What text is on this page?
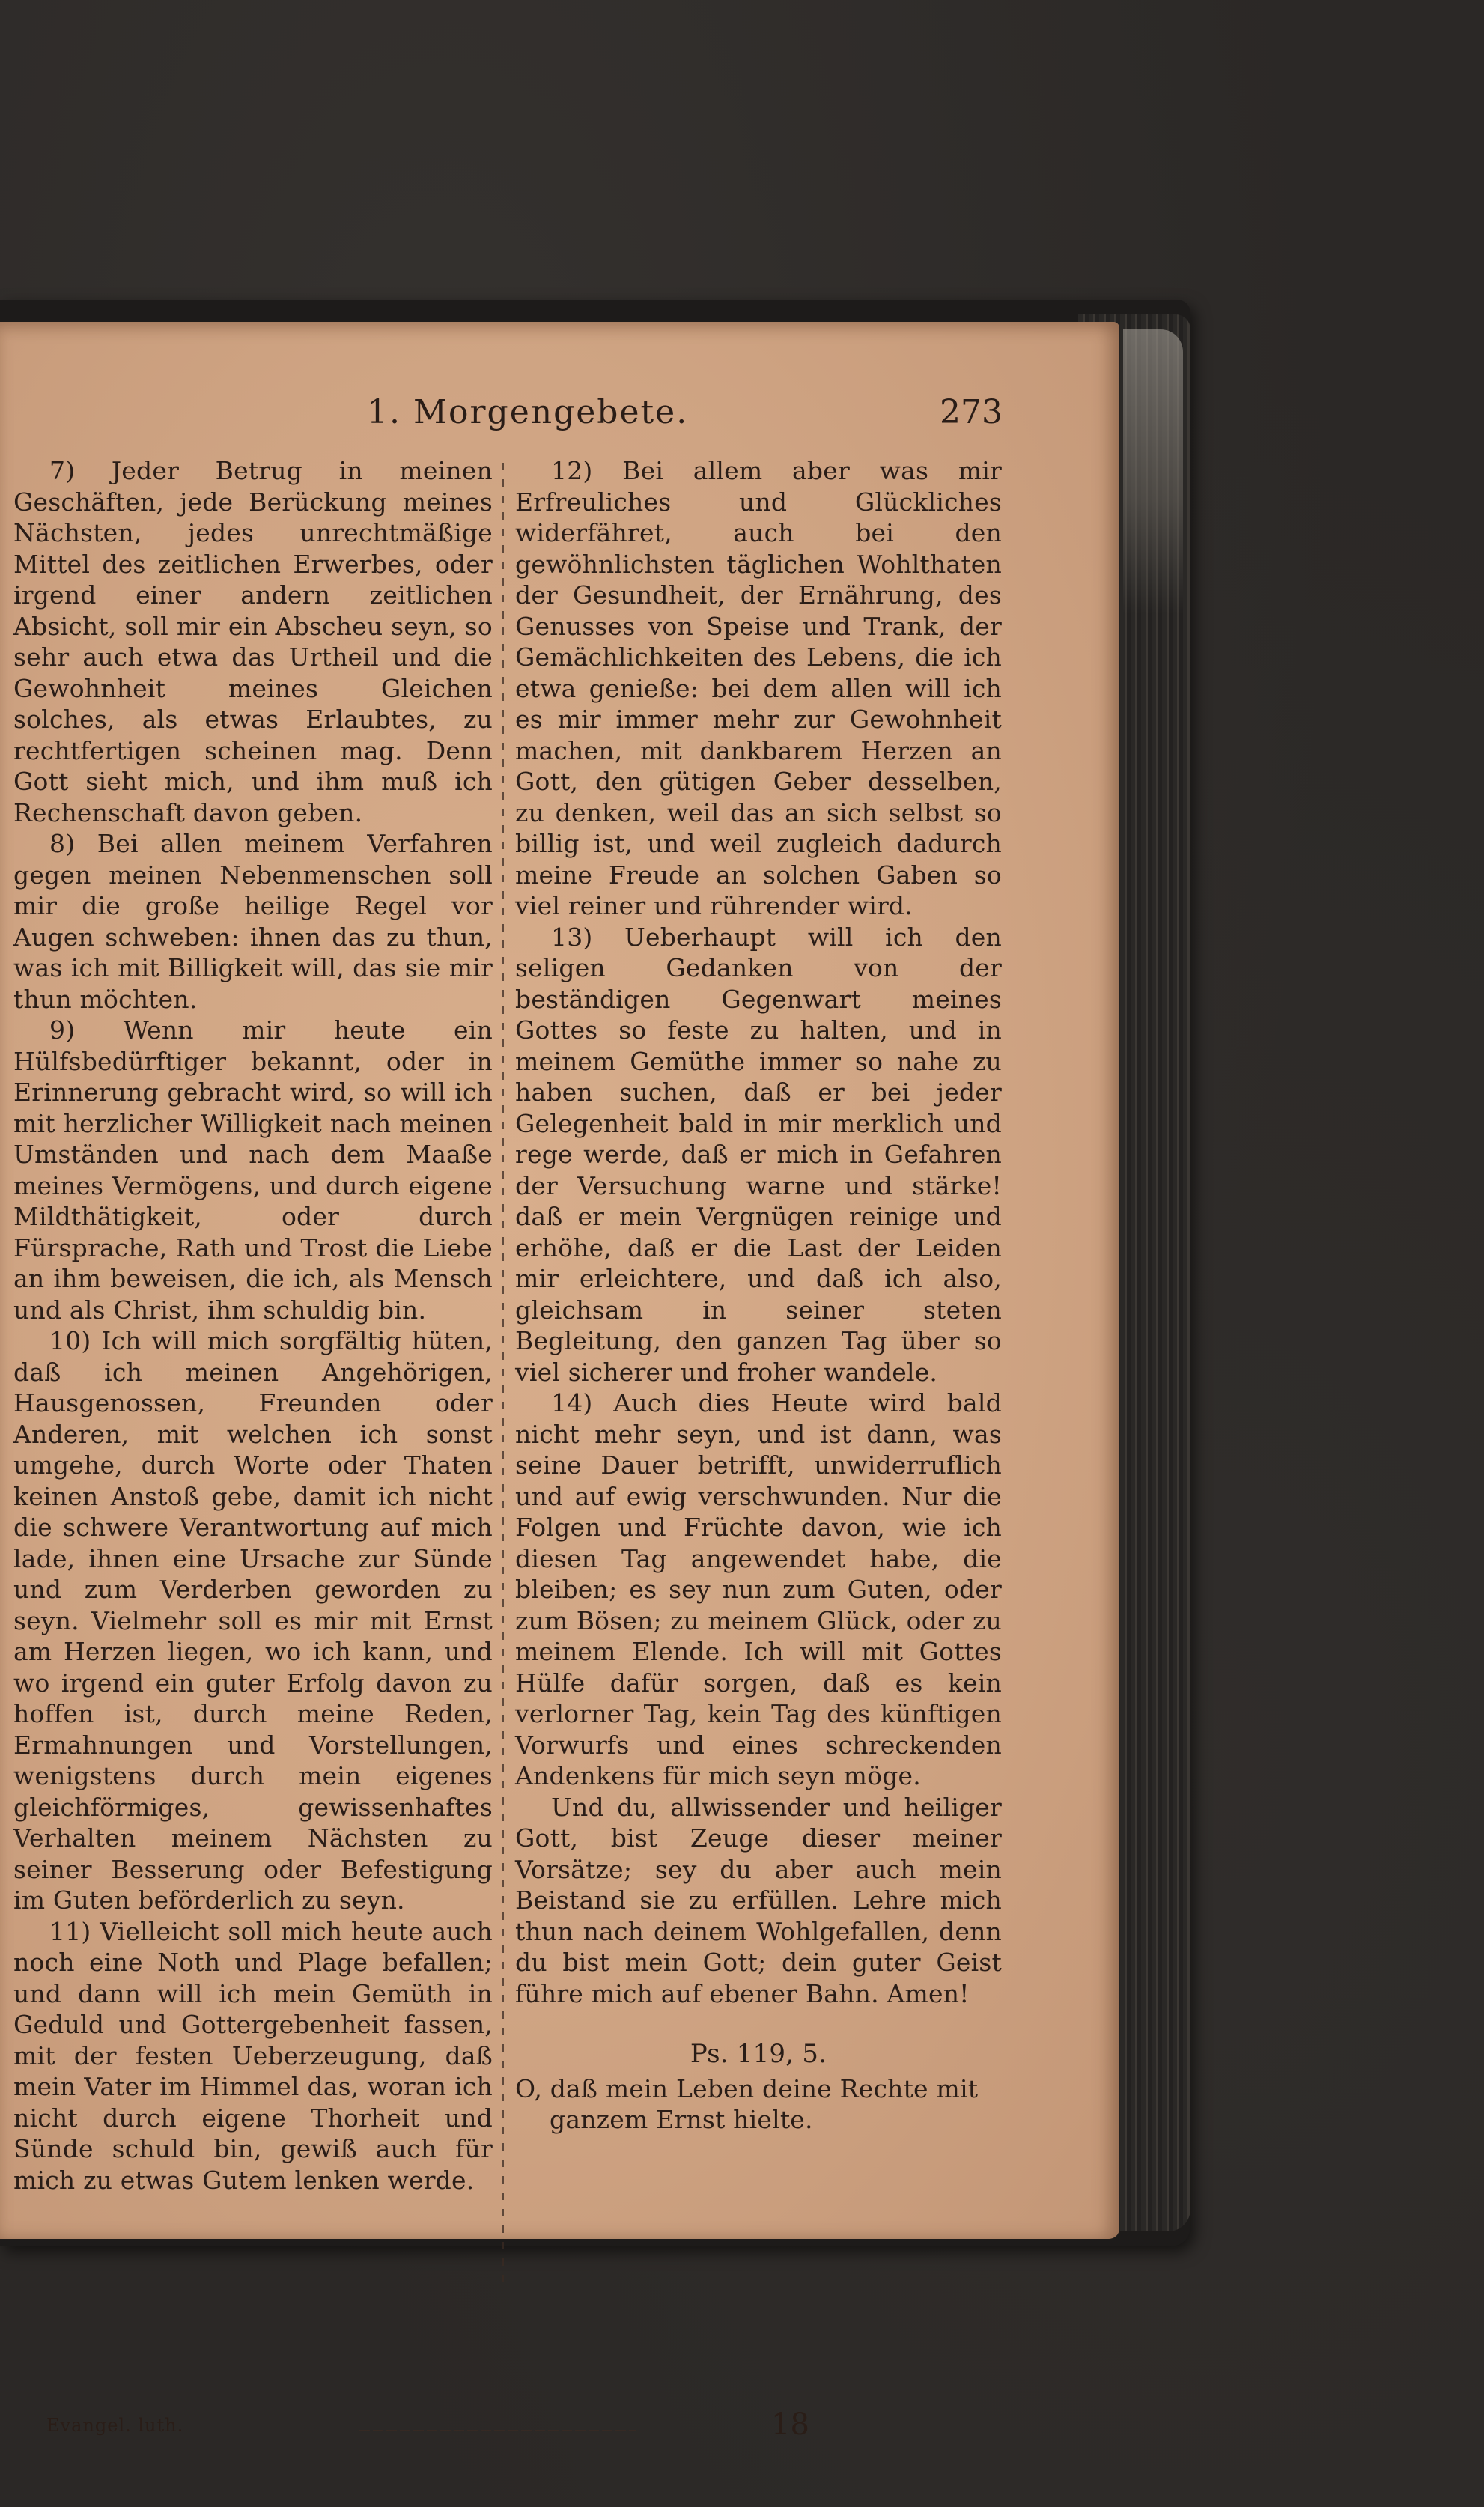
1. Morgengebete.	273

7) Jeder Betrug in meinen Geschäften, jede Berückung meines Nächsten, jedes unrechtmäßige Mittel des zeitlichen Erwerbes, oder irgend einer andern zeitlichen Absicht, soll mir ein Abscheu seyn, so sehr auch etwa das Urtheil und die Gewohnheit meines Gleichen solches, als etwas Erlaubtes, zu rechtfertigen scheinen mag. Denn Gott sieht mich, und ihm muß ich Rechenschaft davon geben.

8) Bei allen meinem Verfahren gegen meinen Nebenmenschen soll mir die große heilige Regel vor Augen schweben: ihnen das zu thun, was ich mit Billigkeit will, das sie mir thun möchten.

9) Wenn mir heute ein Hülfsbedürftiger bekannt, oder in Erinnerung gebracht wird, so will ich mit herzlicher Willigkeit nach meinen Umständen und nach dem Maaße meines Vermögens, und durch eigene Mildthätigkeit, oder durch Fürsprache, Rath und Trost die Liebe an ihm beweisen, die ich, als Mensch und als Christ, ihm schuldig bin.

10) Ich will mich sorgfältig hüten, daß ich meinen Angehörigen, Hausgenossen, Freunden oder Anderen, mit welchen ich sonst umgehe, durch Worte oder Thaten keinen Anstoß gebe, damit ich nicht die schwere Verantwortung auf mich lade, ihnen eine Ursache zur Sünde und zum Verderben geworden zu seyn. Vielmehr soll es mir mit Ernst am Herzen liegen, wo ich kann, und wo irgend ein guter Erfolg davon zu hoffen ist, durch meine Reden, Ermahnungen und Vorstellungen, wenigstens durch mein eigenes gleichförmiges, gewissenhaftes Verhalten meinem Nächsten zu seiner Besserung oder Befestigung im Guten beförderlich zu seyn.

11) Vielleicht soll mich heute auch noch eine Noth und Plage befallen; und dann will ich mein Gemüth in Geduld und Gottergebenheit fassen, mit der festen Ueberzeugung, daß mein Vater im Himmel das, woran ich nicht durch eigene Thorheit und Sünde schuld bin, gewiß auch für mich zu etwas Gutem lenken werde.

12) Bei allem aber was mir Erfreuliches und Glückliches widerfähret, auch bei den gewöhnlichsten täglichen Wohlthaten der Gesundheit, der Ernährung, des Genusses von Speise und Trank, der Gemächlichkeiten des Lebens, die ich etwa genieße: bei dem allen will ich es mir immer mehr zur Gewohnheit machen, mit dankbarem Herzen an Gott, den gütigen Geber desselben, zu denken, weil das an sich selbst so billig ist, und weil zugleich dadurch meine Freude an solchen Gaben so viel reiner und rührender wird.

13) Ueberhaupt will ich den seligen Gedanken von der beständigen Gegenwart meines Gottes so feste zu halten, und in meinem Gemüthe immer so nahe zu haben suchen, daß er bei jeder Gelegenheit bald in mir merklich und rege werde, daß er mich in Gefahren der Versuchung warne und stärke! daß er mein Vergnügen reinige und erhöhe, daß er die Last der Leiden mir erleichtere, und daß ich also, gleichsam in seiner steten Begleitung, den ganzen Tag über so viel sicherer und froher wandele.

14) Auch dies Heute wird bald nicht mehr seyn, und ist dann, was seine Dauer betrifft, unwiderruflich und auf ewig verschwunden. Nur die Folgen und Früchte davon, wie ich diesen Tag angewendet habe, die bleiben; es sey nun zum Guten, oder zum Bösen; zu meinem Glück, oder zu meinem Elende. Ich will mit Gottes Hülfe dafür sorgen, daß es kein verlorner Tag, kein Tag des künftigen Vorwurfs und eines schreckenden Andenkens für mich seyn möge.

Und du, allwissender und heiliger Gott, bist Zeuge dieser meiner Vorsätze; sey du aber auch mein Beistand sie zu erfüllen. Lehre mich thun nach deinem Wohlgefallen, denn du bist mein Gott; dein guter Geist führe mich auf ebener Bahn. Amen!

Ps. 119, 5.

O, daß mein Leben deine Rechte mit

ganzem Ernst hielte.

Evangel. luth.	18
